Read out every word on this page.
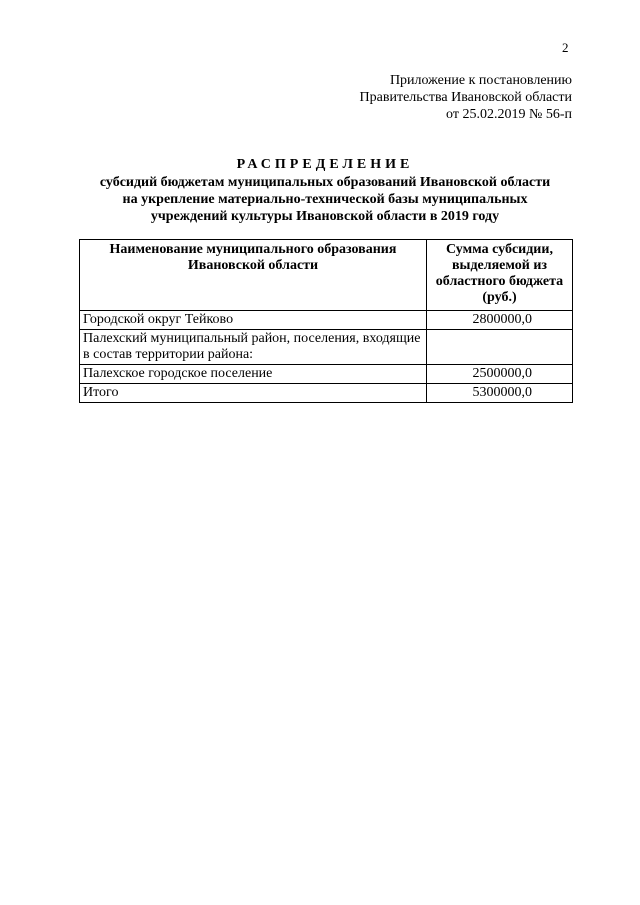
2
Приложение к постановлению
Правительства Ивановской области
от 25.02.2019 № 56-п
РАСПРЕДЕЛЕНИЕ
субсидий бюджетам муниципальных образований Ивановской области
на укрепление материально-технической базы муниципальных
учреждений культуры Ивановской области в 2019 году
Наименование муниципального образования Ивановской области	Сумма субсидии, выделяемой из областного бюджета (руб.)
Городской округ Тейково	2800000,0
Палехский муниципальный район, поселения, входящие в состав территории района:	
Палехское городское поселение	2500000,0
Итого	5300000,0
